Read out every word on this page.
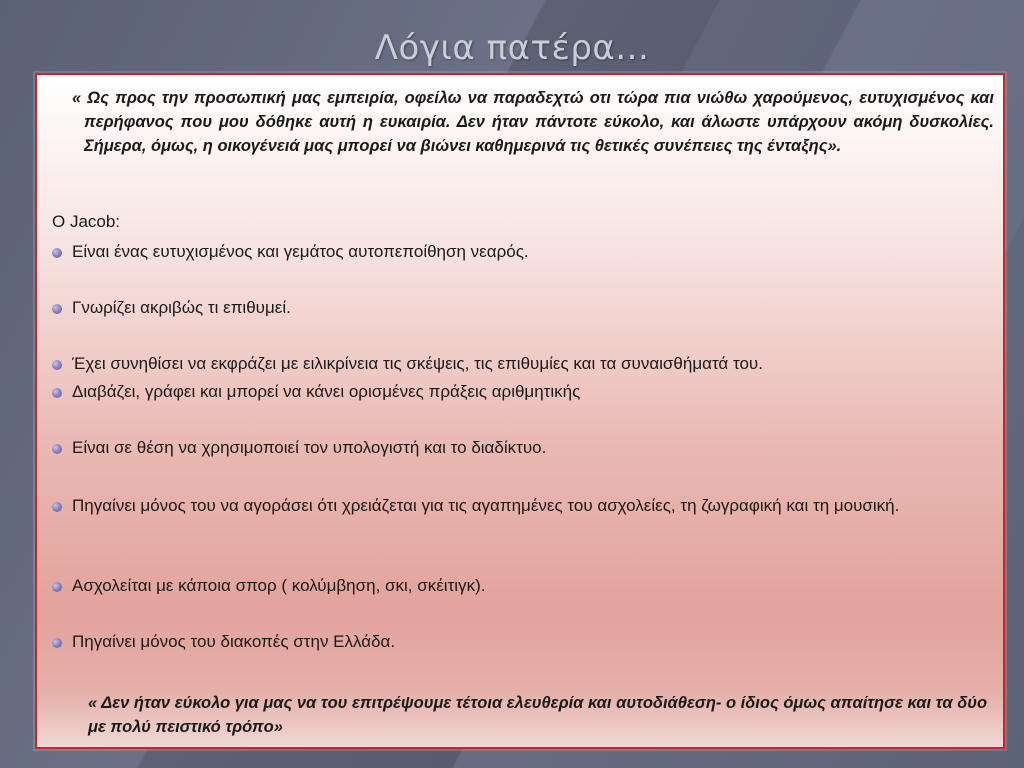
Λόγια πατέρα...
« Ως προς την προσωπική μας εμπειρία, οφείλω να παραδεχτώ οτι τώρα πια νιώθω χαρούμενος, ευτυχισμένος και περήφανος που μου δόθηκε αυτή η ευκαιρία. Δεν ήταν πάντοτε εύκολο, και άλωστε υπάρχουν ακόμη δυσκολίες. Σήμερα, όμως, η οικογένειά μας μπορεί να βιώνει καθημερινά τις θετικές συνέπειες της ένταξης».
Ο Jacob:
Είναι ένας ευτυχισμένος και γεμάτος αυτοπεποίθηση νεαρός.
Γνωρίζει ακριβώς τι επιθυμεί.
Έχει συνηθίσει να εκφράζει με ειλικρίνεια τις σκέψεις, τις επιθυμίες και τα συναισθήματά του.
Διαβάζει, γράφει και μπορεί να κάνει ορισμένες πράξεις αριθμητικής
Είναι σε θέση να χρησιμοποιεί τον υπολογιστή και το διαδίκτυο.
Πηγαίνει μόνος του να αγοράσει ότι χρειάζεται για τις αγαπημένες του ασχολείες, τη ζωγραφική και τη μουσική.
Ασχολείται με κάποια σπορ ( κολύμβηση, σκι, σκέιτιγκ).
Πηγαίνει μόνος του διακοπές στην Ελλάδα.
« Δεν ήταν εύκολο για μας να του επιτρέψουμε τέτοια ελευθερία και αυτοδιάθεση- ο ίδιος όμως απαίτησε και τα δύο με πολύ πειστικό τρόπο»
